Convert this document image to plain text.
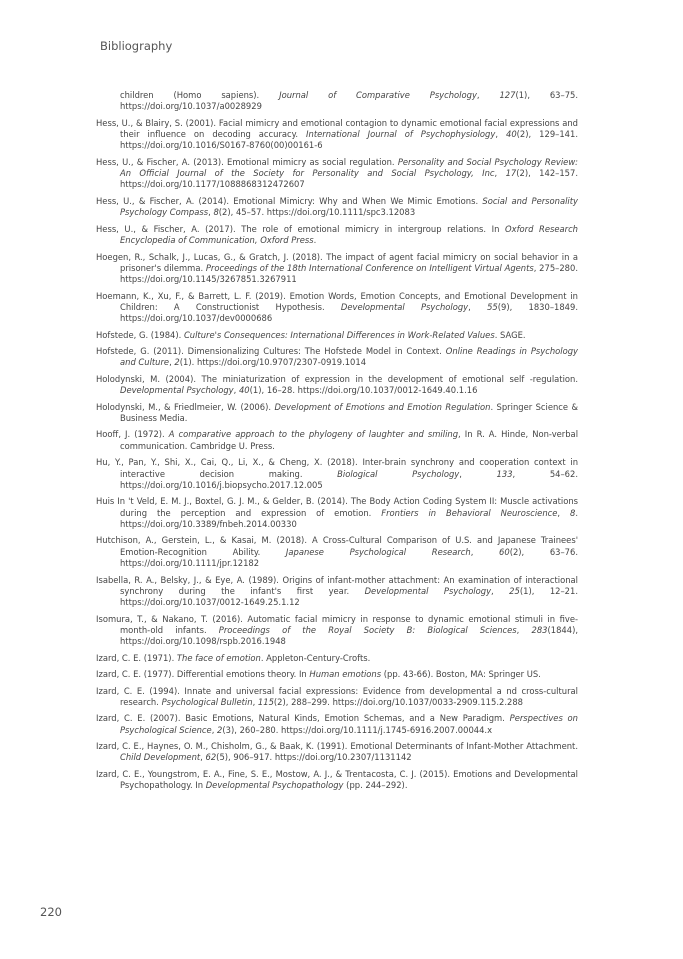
Bibliography

children (Homo sapiens). Journal of Comparative Psychology, 127(1), 63–75. https://doi.org/10.1037/a0028929

Hess, U., & Blairy, S. (2001). Facial mimicry and emotional contagion to dynamic emotional facial expressions and their influence on decoding accuracy. International Journal of Psychophysiology, 40(2), 129–141. https://doi.org/10.1016/S0167-8760(00)00161-6

Hess, U., & Fischer, A. (2013). Emotional mimicry as social regulation. Personality and Social Psychology Review: An Official Journal of the Society for Personality and Social Psychology, Inc, 17(2), 142–157. https://doi.org/10.1177/1088868312472607

Hess, U., & Fischer, A. (2014). Emotional Mimicry: Why and When We Mimic Emotions. Social and Personality Psychology Compass, 8(2), 45–57. https://doi.org/10.1111/spc3.12083

Hess, U., & Fischer, A. (2017). The role of emotional mimicry in intergroup relations. In Oxford Research Encyclopedia of Communication, Oxford Press.

Hoegen, R., Schalk, J., Lucas, G., & Gratch, J. (2018). The impact of agent facial mimicry on social behavior in a prisoner's dilemma. Proceedings of the 18th International Conference on Intelligent Virtual Agents, 275–280. https://doi.org/10.1145/3267851.3267911

Hoemann, K., Xu, F., & Barrett, L. F. (2019). Emotion Words, Emotion Concepts, and Emotional Development in Children: A Constructionist Hypothesis. Developmental Psychology, 55(9), 1830–1849. https://doi.org/10.1037/dev0000686

Hofstede, G. (1984). Culture's Consequences: International Differences in Work-Related Values. SAGE.

Hofstede, G. (2011). Dimensionalizing Cultures: The Hofstede Model in Context. Online Readings in Psychology and Culture, 2(1). https://doi.org/10.9707/2307-0919.1014

Holodynski, M. (2004). The miniaturization of expression in the development of emotional self -regulation. Developmental Psychology, 40(1), 16–28. https://doi.org/10.1037/0012-1649.40.1.16

Holodynski, M., & Friedlmeier, W. (2006). Development of Emotions and Emotion Regulation. Springer Science & Business Media.

Hooff, J. (1972). A comparative approach to the phylogeny of laughter and smiling, In R. A. Hinde, Non-verbal communication. Cambridge U. Press.

Hu, Y., Pan, Y., Shi, X., Cai, Q., Li, X., & Cheng, X. (2018). Inter-brain synchrony and cooperation context in interactive decision making. Biological Psychology, 133, 54–62. https://doi.org/10.1016/j.biopsycho.2017.12.005

Huis In 't Veld, E. M. J., Boxtel, G. J. M., & Gelder, B. (2014). The Body Action Coding System II: Muscle activations during the perception and expression of emotion. Frontiers in Behavioral Neuroscience, 8. https://doi.org/10.3389/fnbeh.2014.00330

Hutchison, A., Gerstein, L., & Kasai, M. (2018). A Cross-Cultural Comparison of U.S. and Japanese Trainees' Emotion-Recognition Ability. Japanese Psychological Research, 60(2), 63–76. https://doi.org/10.1111/jpr.12182

Isabella, R. A., Belsky, J., & Eye, A. (1989). Origins of infant-mother attachment: An examination of interactional synchrony during the infant's first year. Developmental Psychology, 25(1), 12–21. https://doi.org/10.1037/0012-1649.25.1.12

Isomura, T., & Nakano, T. (2016). Automatic facial mimicry in response to dynamic emotional stimuli in five-month-old infants. Proceedings of the Royal Society B: Biological Sciences, 283(1844), https://doi.org/10.1098/rspb.2016.1948

Izard, C. E. (1971). The face of emotion. Appleton-Century-Crofts.

Izard, C. E. (1977). Differential emotions theory. In Human emotions (pp. 43-66). Boston, MA: Springer US.

Izard, C. E. (1994). Innate and universal facial expressions: Evidence from developmental a nd cross-cultural research. Psychological Bulletin, 115(2), 288–299. https://doi.org/10.1037/0033-2909.115.2.288

Izard, C. E. (2007). Basic Emotions, Natural Kinds, Emotion Schemas, and a New Paradigm. Perspectives on Psychological Science, 2(3), 260–280. https://doi.org/10.1111/j.1745-6916.2007.00044.x

Izard, C. E., Haynes, O. M., Chisholm, G., & Baak, K. (1991). Emotional Determinants of Infant-Mother Attachment. Child Development, 62(5), 906–917. https://doi.org/10.2307/1131142

Izard, C. E., Youngstrom, E. A., Fine, S. E., Mostow, A. J., & Trentacosta, C. J. (2015). Emotions and Developmental Psychopathology. In Developmental Psychopathology (pp. 244–292).

220
